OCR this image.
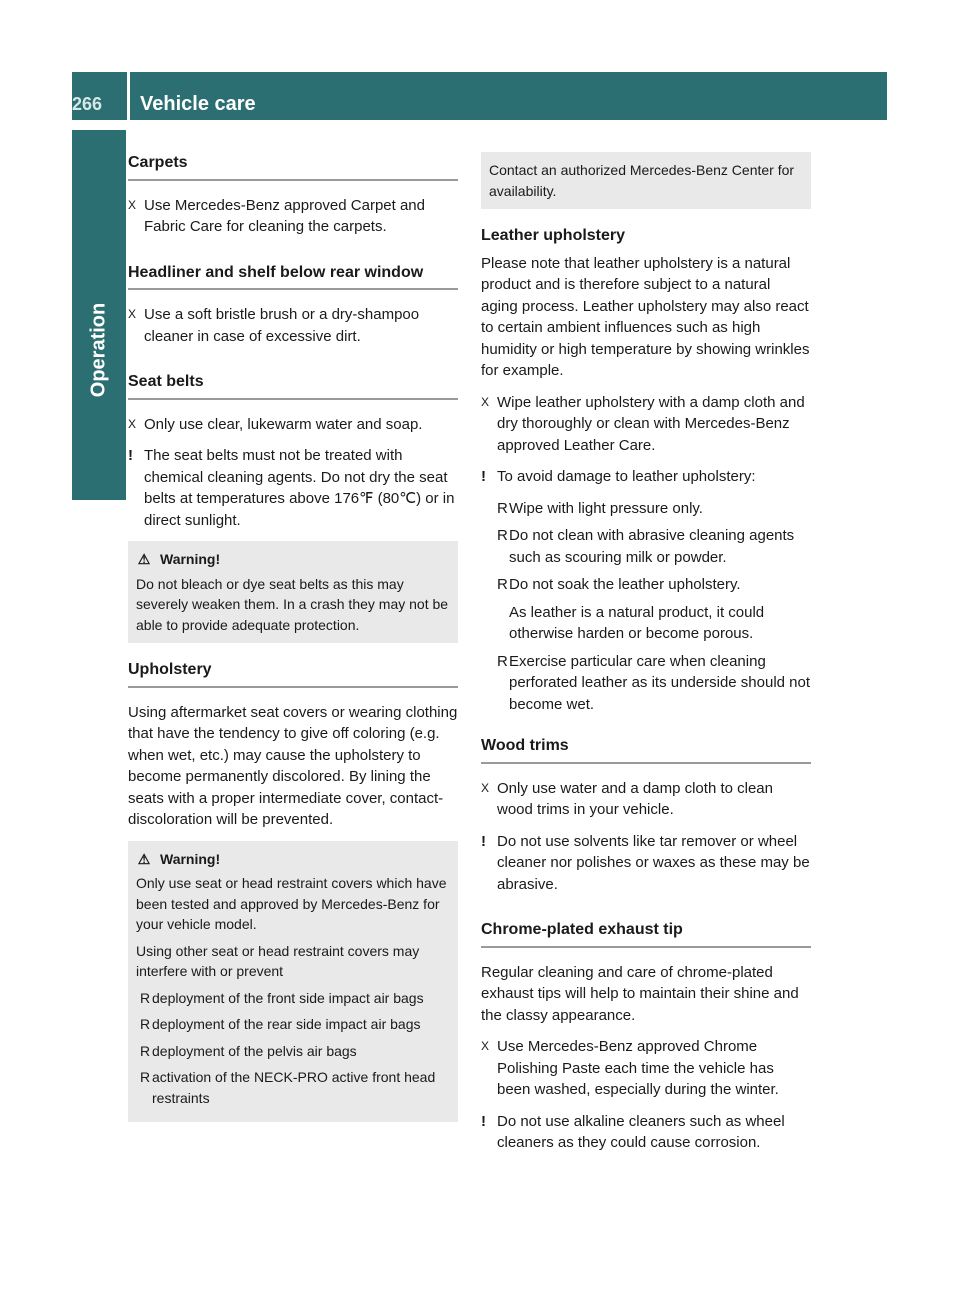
266	Vehicle care
Operation
Carpets
X Use Mercedes-Benz approved Carpet and Fabric Care for cleaning the carpets.
Headliner and shelf below rear window
X Use a soft bristle brush or a dry-shampoo cleaner in case of excessive dirt.
Seat belts
X Only use clear, lukewarm water and soap.
! The seat belts must not be treated with chemical cleaning agents. Do not dry the seat belts at temperatures above 176℉ (80℃) or in direct sunlight.
⚠ Warning!
Do not bleach or dye seat belts as this may severely weaken them. In a crash they may not be able to provide adequate protection.
Upholstery
Using aftermarket seat covers or wearing clothing that have the tendency to give off coloring (e.g. when wet, etc.) may cause the upholstery to become permanently discolored. By lining the seats with a proper intermediate cover, contact-discoloration will be prevented.
⚠ Warning!
Only use seat or head restraint covers which have been tested and approved by Mercedes-Benz for your vehicle model.
Using other seat or head restraint covers may interfere with or prevent
R deployment of the front side impact air bags
R deployment of the rear side impact air bags
R deployment of the pelvis air bags
R activation of the NECK-PRO active front head restraints
Contact an authorized Mercedes-Benz Center for availability.
Leather upholstery
Please note that leather upholstery is a natural product and is therefore subject to a natural aging process. Leather upholstery may also react to certain ambient influences such as high humidity or high temperature by showing wrinkles for example.
X Wipe leather upholstery with a damp cloth and dry thoroughly or clean with Mercedes-Benz approved Leather Care.
! To avoid damage to leather upholstery:
R Wipe with light pressure only.
R Do not clean with abrasive cleaning agents such as scouring milk or powder.
R Do not soak the leather upholstery.
As leather is a natural product, it could otherwise harden or become porous.
R Exercise particular care when cleaning perforated leather as its underside should not become wet.
Wood trims
X Only use water and a damp cloth to clean wood trims in your vehicle.
! Do not use solvents like tar remover or wheel cleaner nor polishes or waxes as these may be abrasive.
Chrome-plated exhaust tip
Regular cleaning and care of chrome-plated exhaust tips will help to maintain their shine and the classy appearance.
X Use Mercedes-Benz approved Chrome Polishing Paste each time the vehicle has been washed, especially during the winter.
! Do not use alkaline cleaners such as wheel cleaners as they could cause corrosion.
